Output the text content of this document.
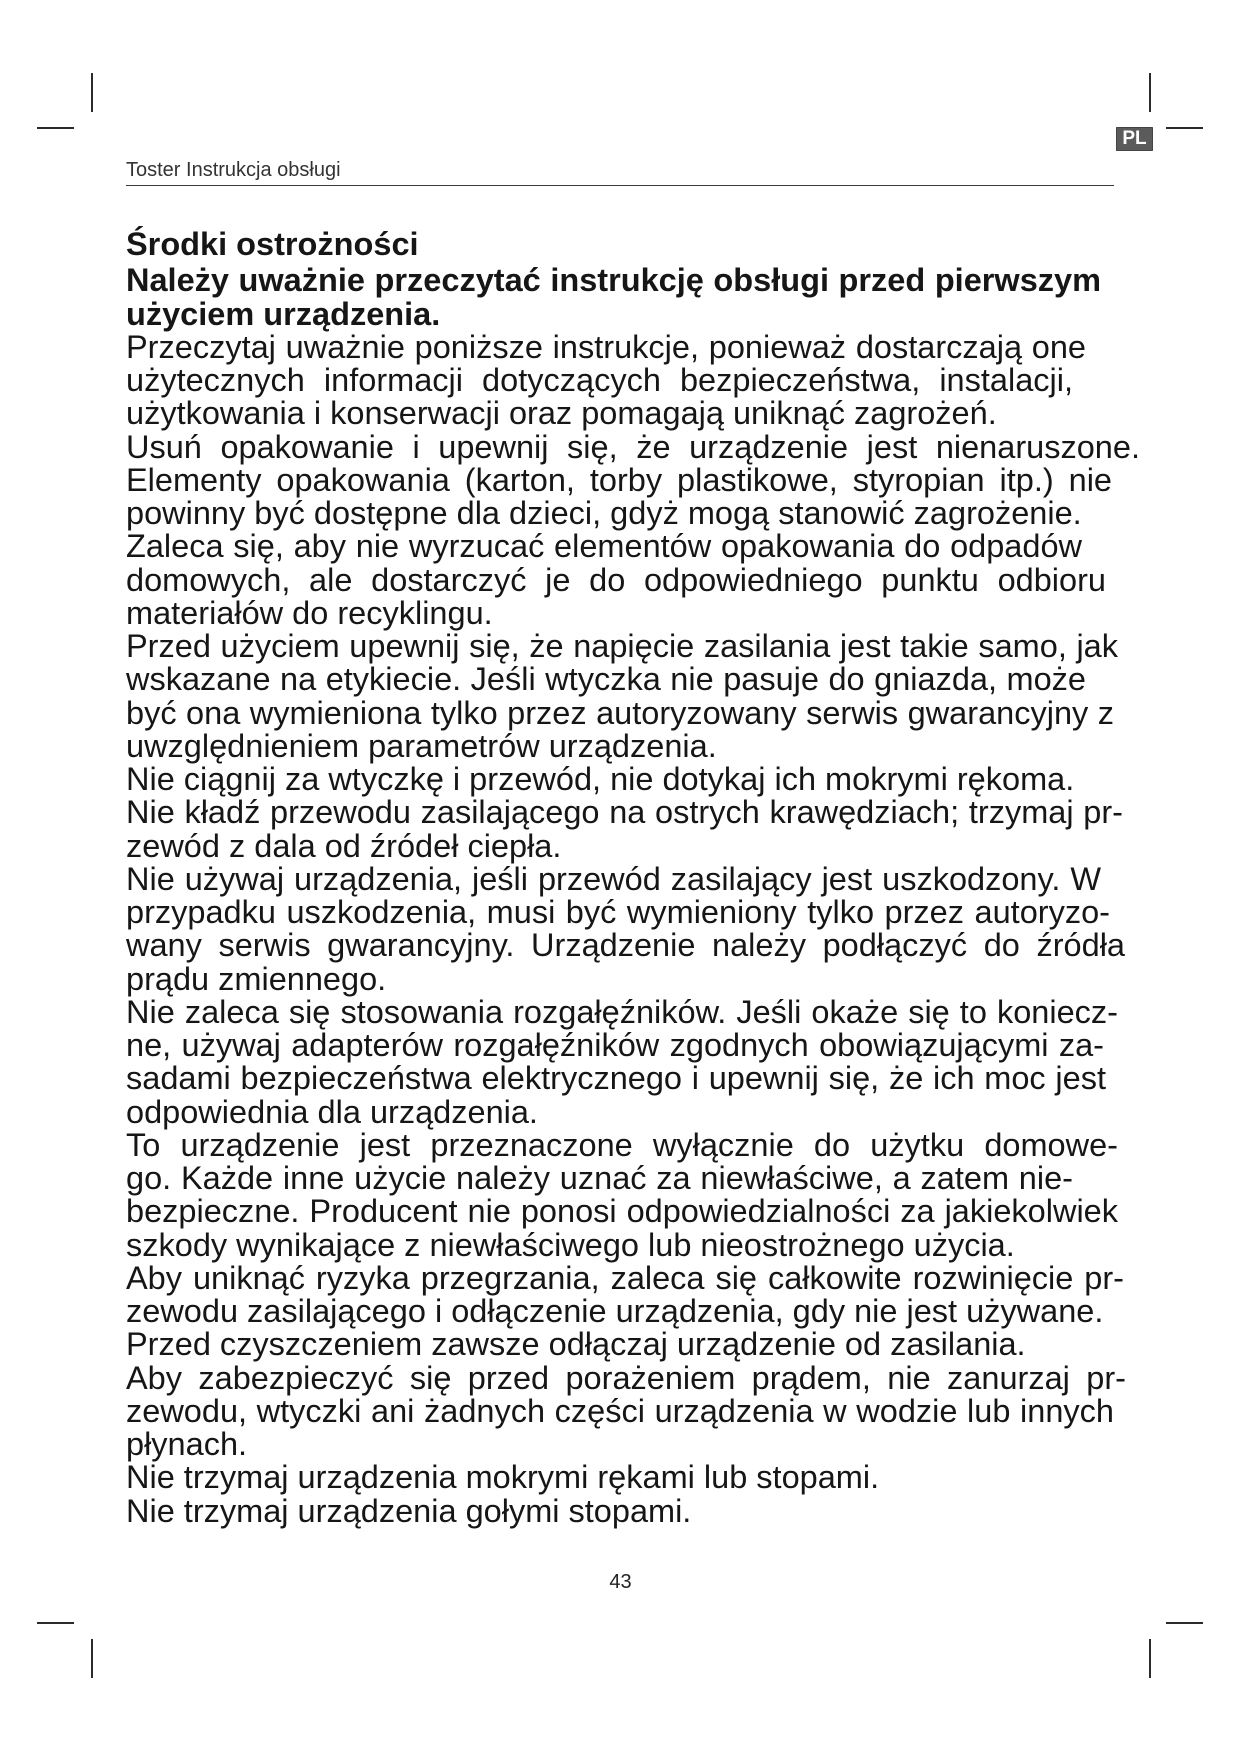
PL
Toster Instrukcja obsługi
Środki ostrożności
Należy uważnie przeczytać instrukcję obsługi przed pierwszym
użyciem urządzenia.
Przeczytaj uważnie poniższe instrukcje, ponieważ dostarczają one
użytecznych informacji dotyczących bezpieczeństwa, instalacji,
użytkowania i konserwacji oraz pomagają uniknąć zagrożeń.
Usuń opakowanie i upewnij się, że urządzenie jest nienaruszone.
Elementy opakowania (karton, torby plastikowe, styropian itp.) nie
powinny być dostępne dla dzieci, gdyż mogą stanowić zagrożenie.
Zaleca się, aby nie wyrzucać elementów opakowania do odpadów
domowych, ale dostarczyć je do odpowiedniego punktu odbioru
materiałów do recyklingu.
Przed użyciem upewnij się, że napięcie zasilania jest takie samo, jak
wskazane na etykiecie. Jeśli wtyczka nie pasuje do gniazda, może
być ona wymieniona tylko przez autoryzowany serwis gwarancyjny z
uwzględnieniem parametrów urządzenia.
Nie ciągnij za wtyczkę i przewód, nie dotykaj ich mokrymi rękoma.
Nie kładź przewodu zasilającego na ostrych krawędziach; trzymaj pr-
zewód z dala od źródeł ciepła.
Nie używaj urządzenia, jeśli przewód zasilający jest uszkodzony. W
przypadku uszkodzenia, musi być wymieniony tylko przez autoryzo-
wany serwis gwarancyjny. Urządzenie należy podłączyć do źródła
prądu zmiennego.
Nie zaleca się stosowania rozgałęźników. Jeśli okaże się to koniecz-
ne, używaj adapterów rozgałęźników zgodnych obowiązującymi za-
sadami bezpieczeństwa elektrycznego i upewnij się, że ich moc jest
odpowiednia dla urządzenia.
To urządzenie jest przeznaczone wyłącznie do użytku domowe-
go. Każde inne użycie należy uznać za niewłaściwe, a zatem nie-
bezpieczne. Producent nie ponosi odpowiedzialności za jakiekolwiek
szkody wynikające z niewłaściwego lub nieostrożnego użycia.
Aby uniknąć ryzyka przegrzania, zaleca się całkowite rozwinięcie pr-
zewodu zasilającego i odłączenie urządzenia, gdy nie jest używane.
Przed czyszczeniem zawsze odłączaj urządzenie od zasilania.
Aby zabezpieczyć się przed porażeniem prądem, nie zanurzaj pr-
zewodu, wtyczki ani żadnych części urządzenia w wodzie lub innych
płynach.
Nie trzymaj urządzenia mokrymi rękami lub stopami.
Nie trzymaj urządzenia gołymi stopami.
43
